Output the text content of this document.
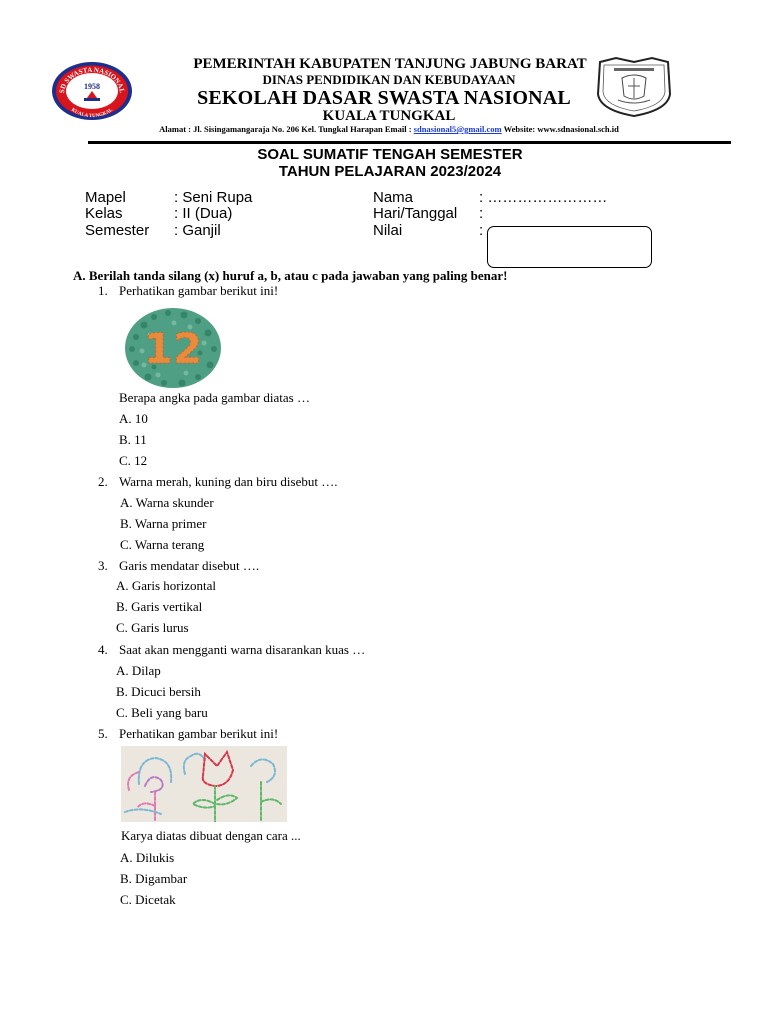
SD SWASTA NASIONAL
1958
KUALA TUNGKAL
PEMERINTAH KABUPATEN TANJUNG JABUNG BARAT
DINAS PENDIDIKAN DAN KEBUDAYAAN
SEKOLAH DASAR SWASTA NASIONAL
KUALA TUNGKAL
Alamat : Jl. Sisingamangaraja No. 206 Kel. Tungkal Harapan Email : sdnasional5@gmail.com Website: www.sdnasional.sch.id
SOAL SUMATIF TENGAH SEMESTER
TAHUN PELAJARAN 2023/2024
Mapel	: Seni Rupa
Kelas	: II (Dua)
Semester : Ganjil
Nama	: ……………………
Hari/Tanggal :
Nilai	:
A. Berilah tanda silang (x) huruf a, b, atau c pada jawaban yang paling benar!
1. Perhatikan gambar berikut ini!
12
Berapa angka pada gambar diatas …
A. 10
B. 11
C. 12
2. Warna merah, kuning dan biru disebut ….
A. Warna skunder
B. Warna primer
C. Warna terang
3. Garis mendatar disebut ….
A. Garis horizontal
B. Garis vertikal
C. Garis lurus
4. Saat akan mengganti warna disarankan kuas …
A. Dilap
B. Dicuci bersih
C. Beli yang baru
5. Perhatikan gambar berikut ini!
Karya diatas dibuat dengan cara ...
A. Dilukis
B. Digambar
C. Dicetak
